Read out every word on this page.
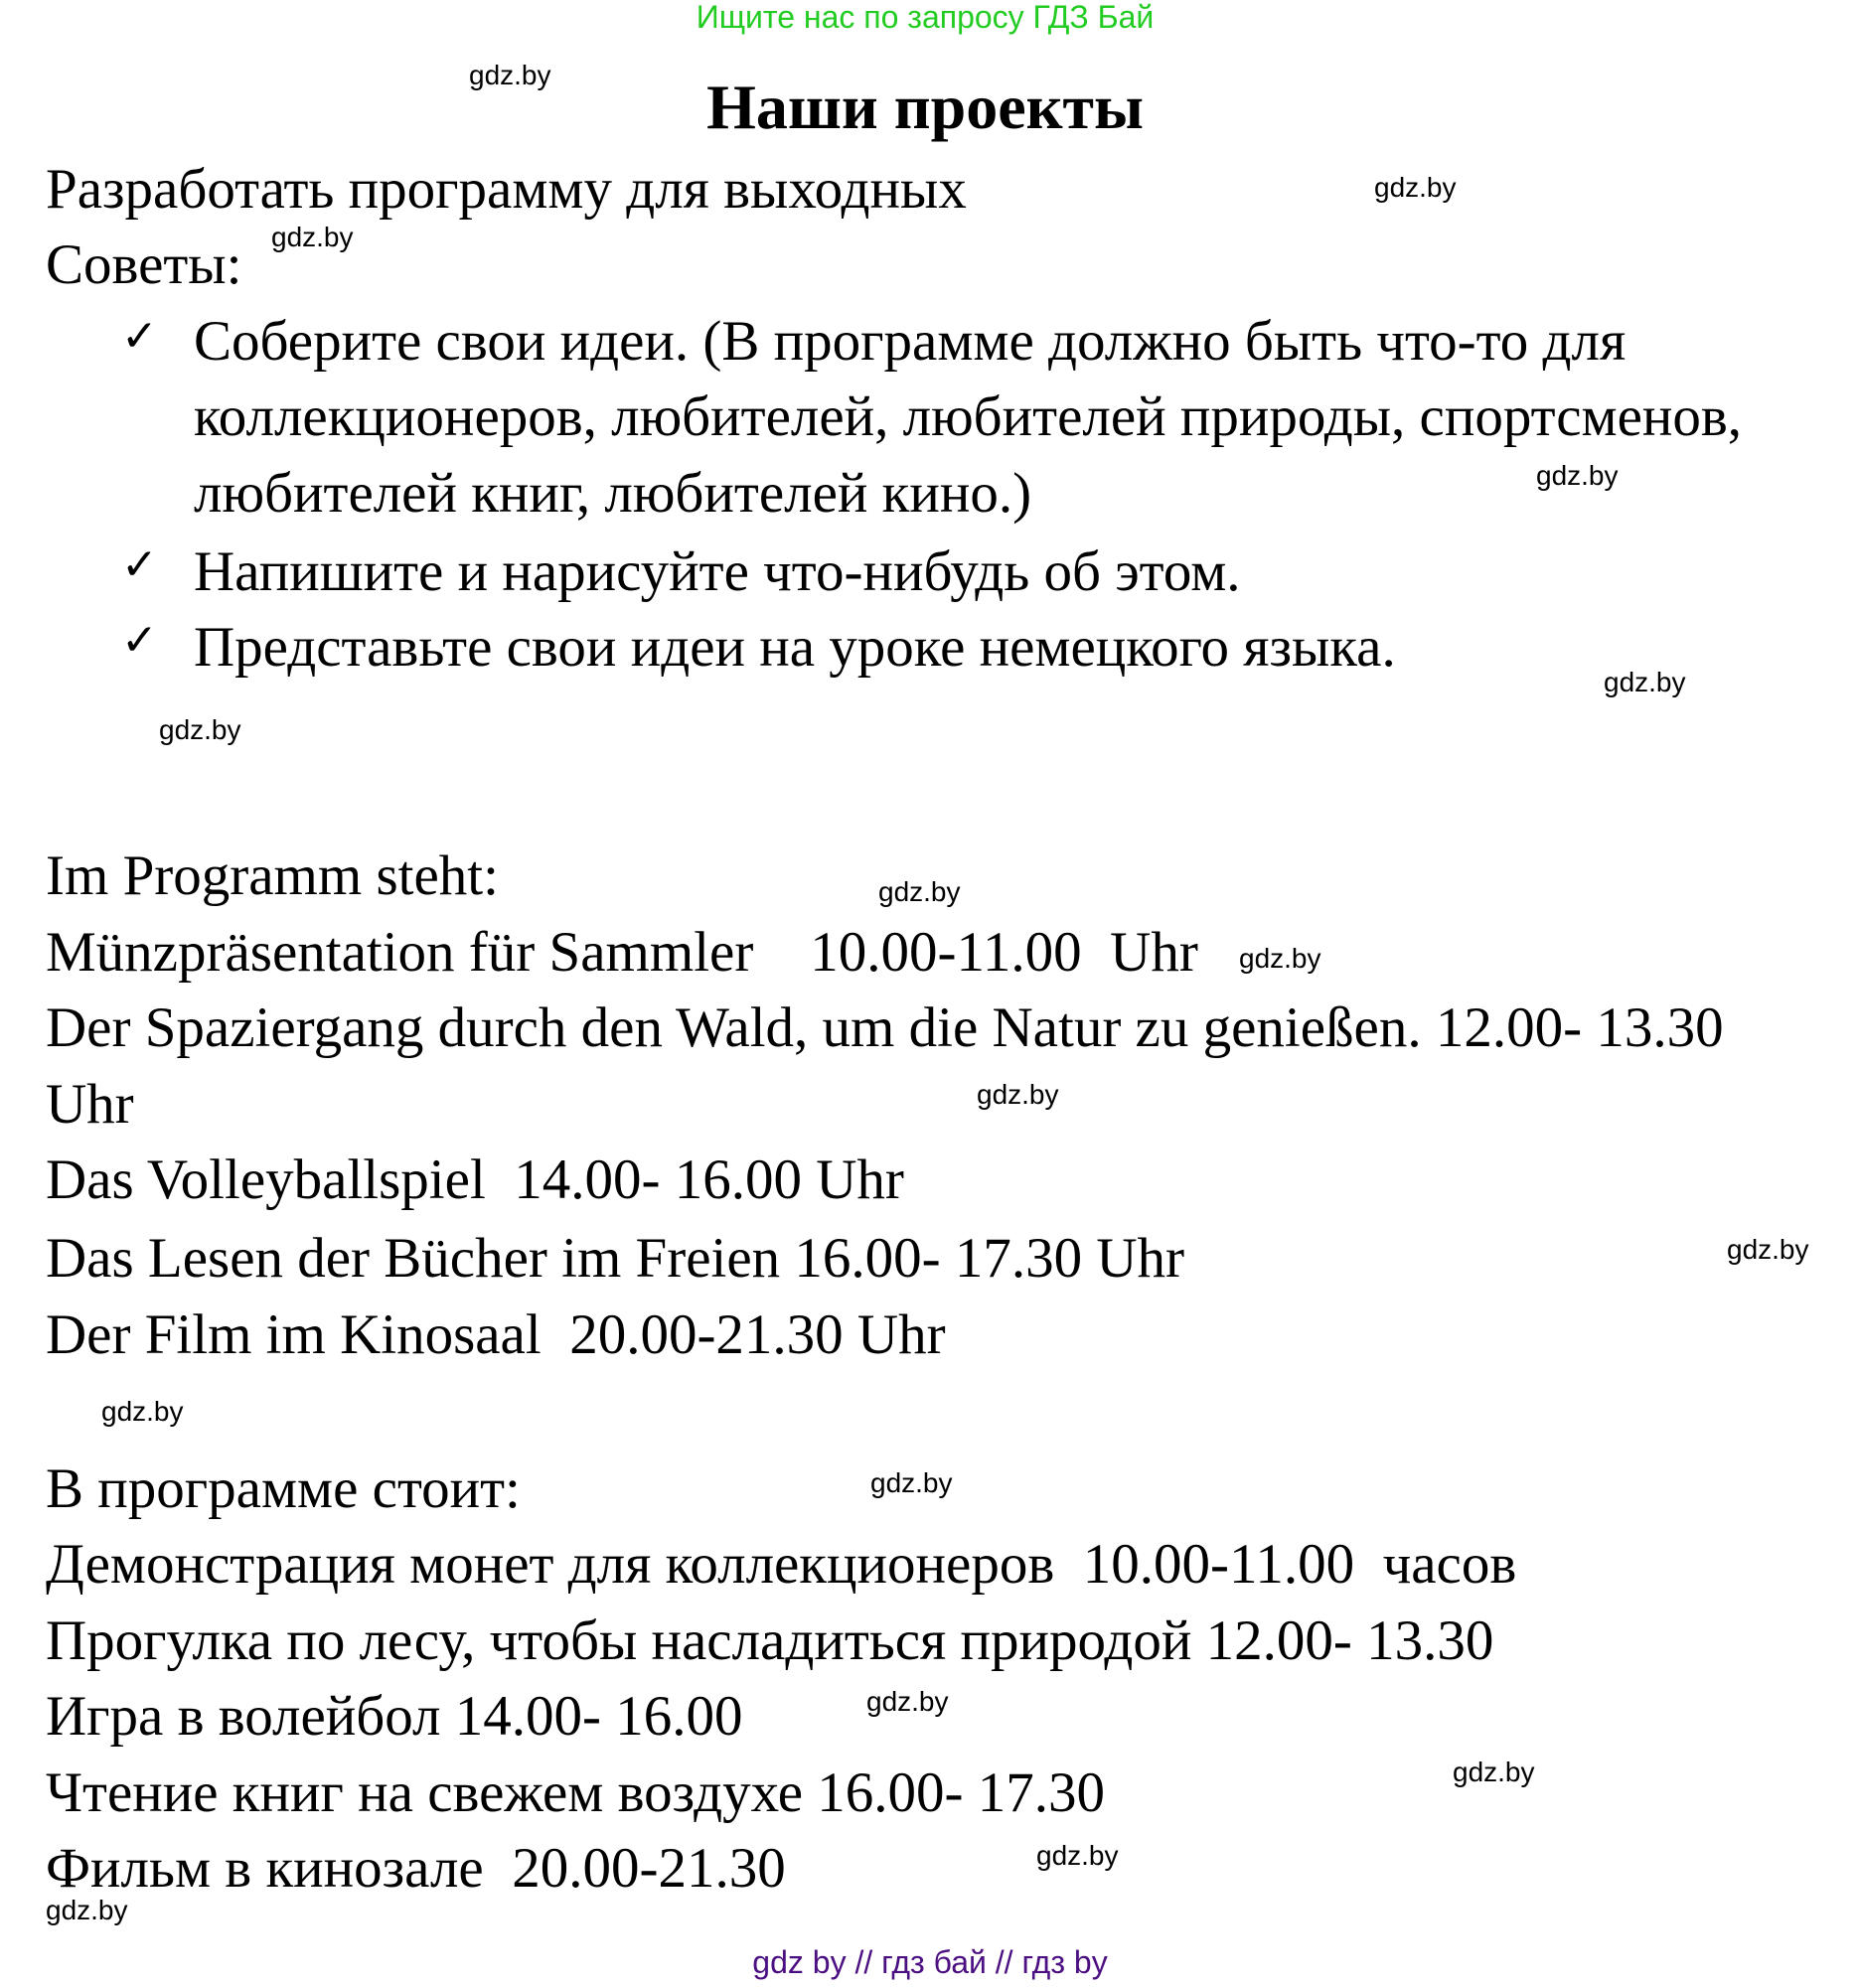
Ищите нас по запросу ГДЗ Бай
Наши проекты
Разработать программу для выходных
Советы:
✓ Соберите свои идеи. (В программе должно быть что-то для
коллекционеров, любителей, любителей природы, спортсменов,
любителей книг, любителей кино.)
✓ Напишите и нарисуйте что-нибудь об этом.
✓ Представьте свои идеи на уроке немецкого языка.
Im Programm steht:
Münzpräsentation für Sammler    10.00-11.00  Uhr
Der Spaziergang durch den Wald, um die Natur zu genießen. 12.00- 13.30
Uhr
Das Volleyballspiel  14.00- 16.00 Uhr
Das Lesen der Bücher im Freien 16.00- 17.30 Uhr
Der Film im Kinosaal  20.00-21.30 Uhr
В программе стоит:
Демонстрация монет для коллекционеров  10.00-11.00  часов
Прогулка по лесу, чтобы насладиться природой 12.00- 13.30
Игра в волейбол 14.00- 16.00
Чтение книг на свежем воздухе 16.00- 17.30
Фильм в кинозале  20.00-21.30
gdz.by
gdz.by
gdz.by
gdz.by
gdz.by
gdz.by
gdz.by
gdz.by
gdz.by
gdz.by
gdz.by
gdz.by
gdz.by
gdz.by
gdz.by
gdz.by
gdz by // гдз бай // гдз by
